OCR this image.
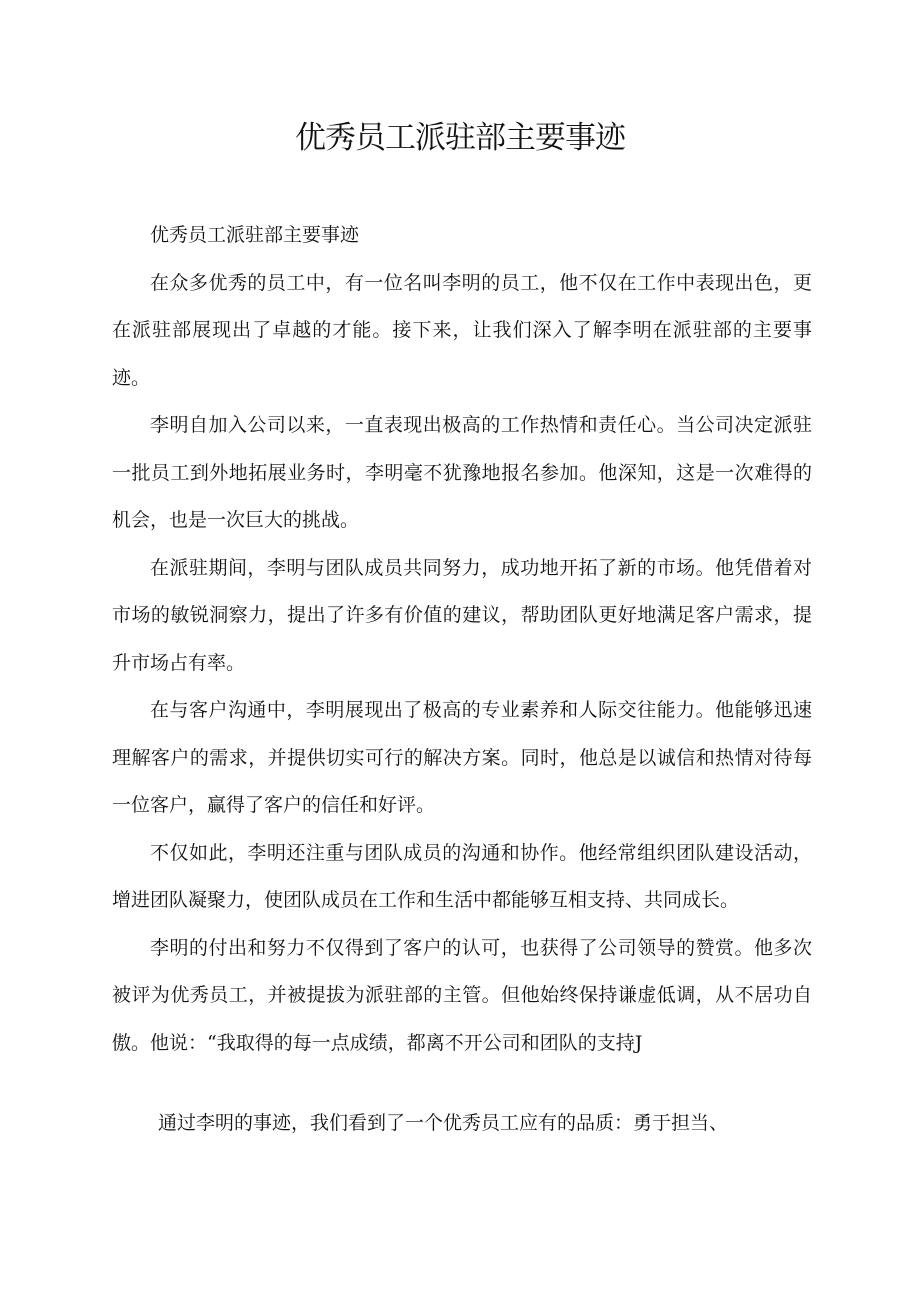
优秀员工派驻部主要事迹

优秀员工派驻部主要事迹

在众多优秀的员工中，有一位名叫李明的员工，他不仅在工作中表现出色，更在派驻部展现出了卓越的才能。接下来，让我们深入了解李明在派驻部的主要事迹。

李明自加入公司以来，一直表现出极高的工作热情和责任心。当公司决定派驻一批员工到外地拓展业务时，李明毫不犹豫地报名参加。他深知，这是一次难得的机会，也是一次巨大的挑战。

在派驻期间，李明与团队成员共同努力，成功地开拓了新的市场。他凭借着对市场的敏锐洞察力，提出了许多有价值的建议，帮助团队更好地满足客户需求，提升市场占有率。

在与客户沟通中，李明展现出了极高的专业素养和人际交往能力。他能够迅速理解客户的需求，并提供切实可行的解决方案。同时，他总是以诚信和热情对待每一位客户，赢得了客户的信任和好评。

不仅如此，李明还注重与团队成员的沟通和协作。他经常组织团队建设活动，增进团队凝聚力，使团队成员在工作和生活中都能够互相支持、共同成长。

李明的付出和努力不仅得到了客户的认可，也获得了公司领导的赞赏。他多次被评为优秀员工，并被提拔为派驻部的主管。但他始终保持谦虚低调，从不居功自傲。他说：“我取得的每一点成绩，都离不开公司和团队的支持J

通过李明的事迹，我们看到了一个优秀员工应有的品质：勇于担当、
